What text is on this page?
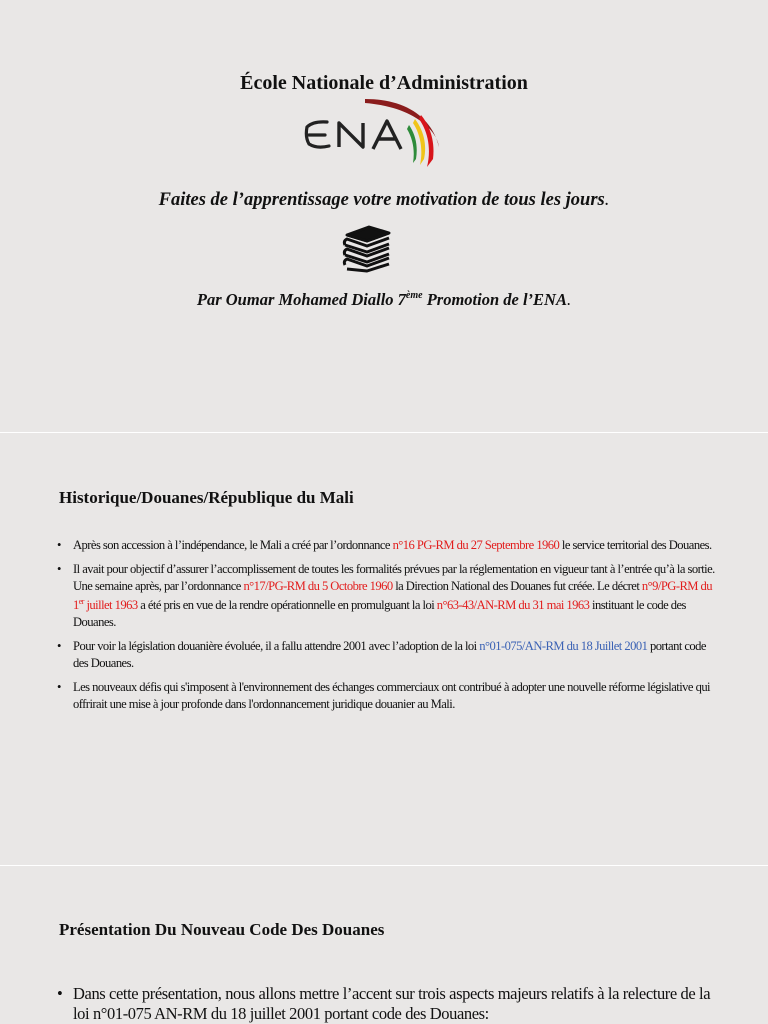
École Nationale d’Administration
Faites de l’apprentissage votre motivation de tous les jours.
Par Oumar Mohamed Diallo 7ème Promotion de l’ENA.
Historique/Douanes/République du Mali
• Après son accession à l’indépendance, le Mali a créé par l’ordonnance n°16 PG-RM du 27 Septembre 1960 le service territorial des Douanes.
• Il avait pour objectif d’assurer l’accomplissement de toutes les formalités prévues par la réglementation en vigueur tant à l’entrée qu’à la sortie. Une semaine après, par l’ordonnance n°17/PG-RM du 5 Octobre 1960 la Direction National des Douanes fut créée. Le décret n°9/PG-RM du 1er juillet 1963 a été pris en vue de la rendre opérationnelle en promulguant la loi n°63-43/AN-RM du 31 mai 1963 instituant le code des Douanes.
• Pour voir la législation douanière évoluée, il a fallu attendre 2001 avec l’adoption de la loi n°01-075/AN-RM du 18 Juillet 2001 portant code des Douanes.
• Les nouveaux défis qui s'imposent à l'environnement des échanges commerciaux ont contribué à adopter une nouvelle réforme législative qui offrirait une mise à jour profonde dans l'ordonnancement juridique douanier au Mali.
Présentation Du Nouveau Code Des Douanes
• Dans cette présentation, nous allons mettre l’accent sur trois aspects majeurs relatifs à la relecture de la loi n°01-075 AN-RM du 18 juillet 2001 portant code des Douanes:
